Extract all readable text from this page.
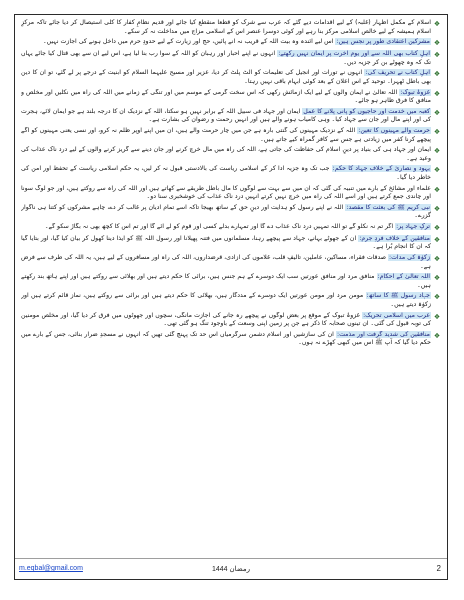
❖
اسلام کے مکمل اظہار (غلبہ) کے لیے اقدامات دیے گئے کہ عرب سے شرک کو قطعاً منقطع کیا جائے اور قدیم نظامِ کفار کا کلی استیصال کر دیا جائے تاکہ مرکزِ اسلام ہمیشہ کے لیے خالص اسلامی مرکز بنا رہے اور کوئی دوسرا عنصر اس کے اسلامی مزاج میں مداخلت نہ کر سکے۔
❖
مشرکین اعتقادی طور پر نجس ہیں: اس لیے آئندہ وہ بیت اللہ کے قریب نہ آنے پائیں، حج اور زیارت کے لیے حدودِ حرم میں داخل ہونے کی اجازت نہیں۔
❖
اہلِ کتاب بھی اللہ سے اور یوم آخرت پر ایمان نہیں رکھتے: انہوں نے اپنے احبار اور رہبان کو اللہ کے سوا رب بنا لیا ہے، اس لیے ان سے بھی قتال کیا جائے یہاں تک کہ وہ چھوٹے بن کر جزیہ دیں۔
❖
اہلِ کتاب نے تحریف کی: انہوں نے تورات اور انجیل کی تعلیمات کو الٹ پلٹ کر دیا، عزیر اور مسیح علیہما السلام کو ابنیت کے درجے پر لے گئے، تو ان کا دین بھی باطل ٹھہرا۔ توحید کے اس اعلان کے بعد کوئی ابہام باقی نہیں رہتا۔
❖
غزوۂ تبوک: اللہ تعالیٰ نے ایمان والوں کے لیے ایک آزمائش رکھی کہ اس سخت گرمی کے موسم میں اور تنگی کے زمانے میں اللہ کی راہ میں نکلیں اور مخلص و منافق کا فرق ظاہر ہو جائے۔
❖
کعبہ میں خدمت اور حاجیوں کو پانی پلانے کا عمل ایمان اور جہاد فی سبیل اللہ کے برابر نہیں ہو سکتا، اللہ کے نزدیک ان کا درجہ بلند ہے جو ایمان لائے، ہجرت کی اور اپنے مال اور جان سے جہاد کیا۔ وہی کامیاب ہونے والے ہیں اور انہیں رحمت و رضوان کی بشارت ہے۔
❖
حرمت والے مہینوں کا تعین: اللہ کے نزدیک مہینوں کی گنتی بارہ ہے جن میں چار حرمت والے ہیں، ان میں اپنے اوپر ظلم نہ کرو، اور نسی یعنی مہینوں کو آگے پیچھے کرنا کفر میں زیادتی ہے جس سے کافر گمراہ کیے جاتے ہیں۔
❖
ایمان اور جہاد ہی کی بنیاد پر دینِ اسلام کی حفاظت کی جاتی ہے، اللہ کی راہ میں مال خرچ کرنے اور جان دینے سے گریز کرنے والوں کے لیے درد ناک عذاب کی وعید ہے۔
❖
یہود و نصاریٰ کے خلاف جہاد کا حکم: جب تک وہ جزیہ ادا کر کے اسلامی ریاست کی بالادستی قبول نہ کر لیں، یہ حکم اسلامی ریاست کے تحفظ اور امن کی خاطر دیا گیا۔
❖
علماء اور مشائخ کے بارے میں تنبیہ کی گئی کہ ان میں سے بہت سے لوگوں کا مال باطل طریقے سے کھاتے ہیں اور اللہ کی راہ سے روکتے ہیں، اور جو لوگ سونا اور چاندی جمع کرتے ہیں اور اسے اللہ کی راہ میں خرچ نہیں کرتے انہیں درد ناک عذاب کی خوشخبری سنا دو۔
❖
نبی کریم ﷺ کی بعثت کا مقصد: اللہ نے اپنے رسول کو ہدایت اور دینِ حق کے ساتھ بھیجا تاکہ اسے تمام ادیان پر غالب کر دے، چاہے مشرکوں کو کتنا ہی ناگوار گزرے۔
❖
ترکِ جہاد پر: اگر تم نہ نکلو گے تو اللہ تمہیں درد ناک عذاب دے گا اور تمہارے بدلے کسی اور قوم کو لے آئے گا اور تم اس کا کچھ بھی نہ بگاڑ سکو گے۔
❖
منافقین کے خلاف فردِ جرم: ان کے جھوٹے بہانے، جہاد سے پیچھے رہنا، مسلمانوں میں فتنہ پھیلانا اور رسول اللہ ﷺ کو ایذا دینا کھول کر بیان کیا گیا، اور بتایا گیا کہ ان کا انجام بُرا ہے۔
❖
زکوٰۃ کی مدات: صدقات فقراء، مساکین، عاملین، تالیفِ قلب، غلاموں کی آزادی، قرضداروں، اللہ کی راہ اور مسافروں کے لیے ہیں، یہ اللہ کی طرف سے فرض ہے۔
❖
اللہ تعالیٰ کے احکام: منافق مرد اور منافق عورتیں سب ایک دوسرے کے ہم جنس ہیں، برائی کا حکم دیتے ہیں اور بھلائی سے روکتے ہیں اور اپنے ہاتھ بند رکھتے ہیں۔
❖
جہاد رسول ﷺ کا ساتھ: مومن مرد اور مومن عورتیں ایک دوسرے کے مددگار ہیں، بھلائی کا حکم دیتے ہیں اور برائی سے روکتے ہیں، نماز قائم کرتے ہیں اور زکوٰۃ دیتے ہیں۔
❖
عرب میں اسلامی تحریک: غزوۂ تبوک کے موقع پر بعض لوگوں نے پیچھے رہ جانے کی اجازت مانگی، سچوں اور جھوٹوں میں فرق کر دیا گیا، اور مخلص مومنین کی توبہ قبول کی گئی۔ ان تینوں صحابہ کا ذکر ہے جن پر زمین اپنی وسعت کے باوجود تنگ ہو گئی تھی۔
❖
منافقین کی شدید گرفت اور مذمت: ان کی سازشیں اور اسلام دشمن سرگرمیاں اس حد تک پہنچ گئی تھیں کہ انہوں نے مسجدِ ضرار بنائی، جس کے بارے میں حکم دیا گیا کہ آپ ﷺ اس میں کبھی کھڑے نہ ہوں۔
m.eqbal@gmail.com	رمضان 1444	2
